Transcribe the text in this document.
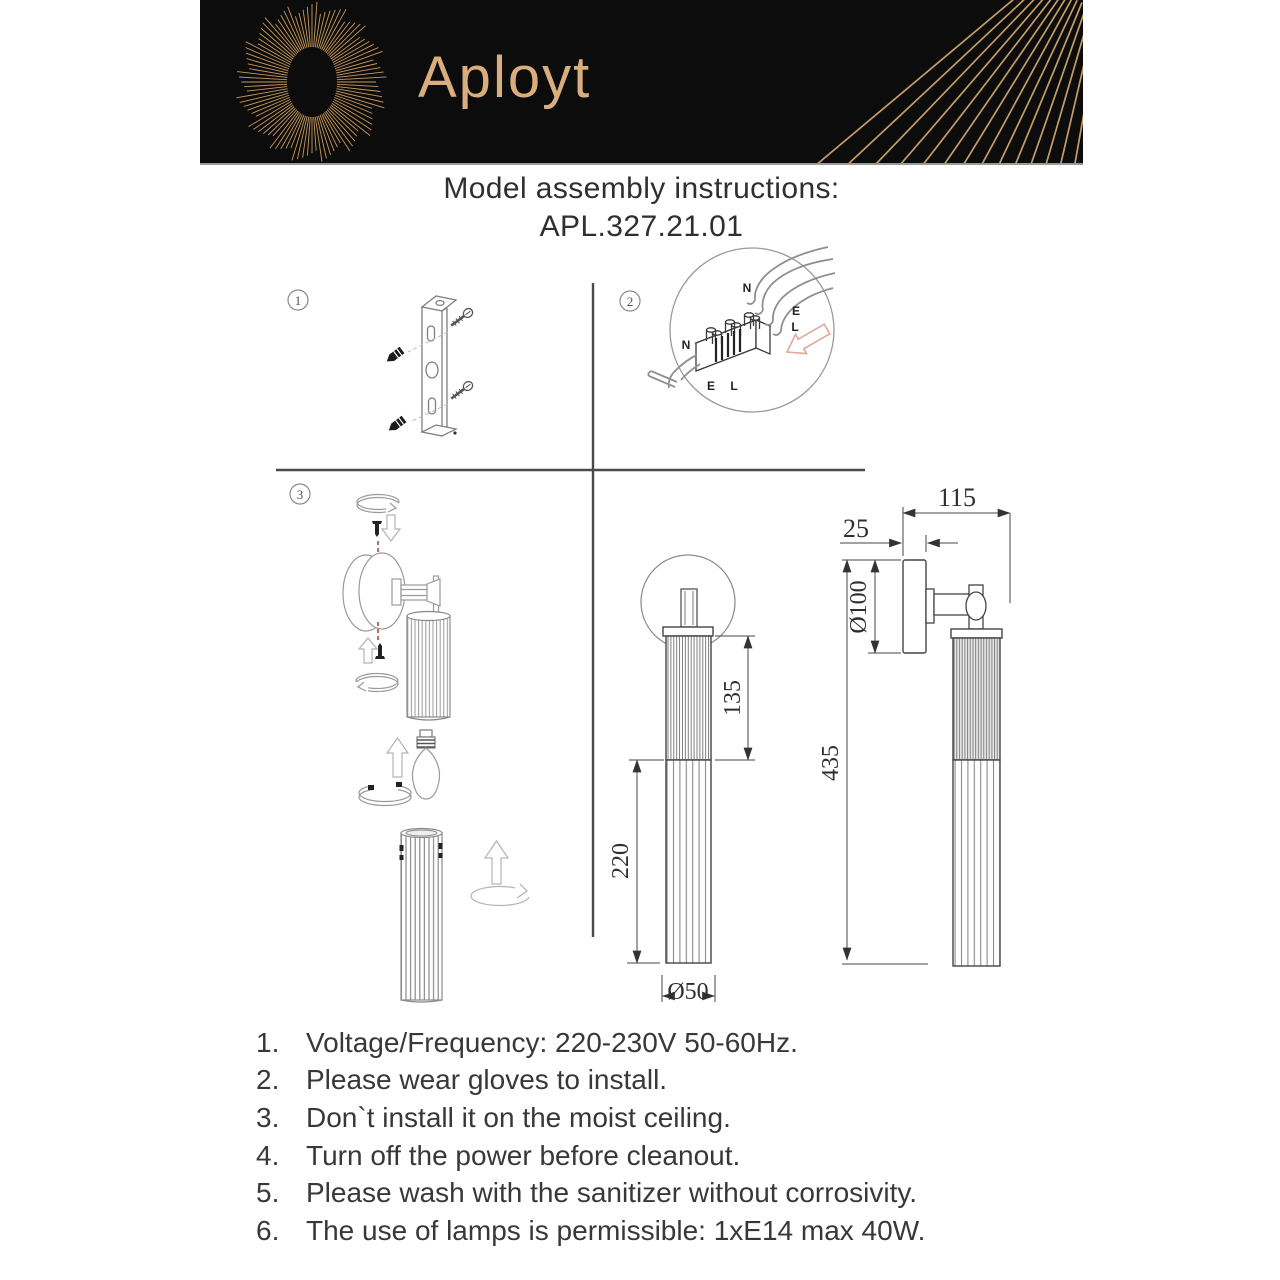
Aployt
Model assembly instructions:
APL.327.21.01
1	2
3
N
E
L
N
E L
135
220
Ø50
115
25
Ø100
435
1. Voltage/Frequency: 220-230V 50-60Hz.
2. Please wear gloves to install.
3. Don`t install it on the moist ceiling.
4. Turn off the power before cleanout.
5. Please wash with the sanitizer without corrosivity.
6. The use of lamps is permissible: 1xE14 max 40W.
